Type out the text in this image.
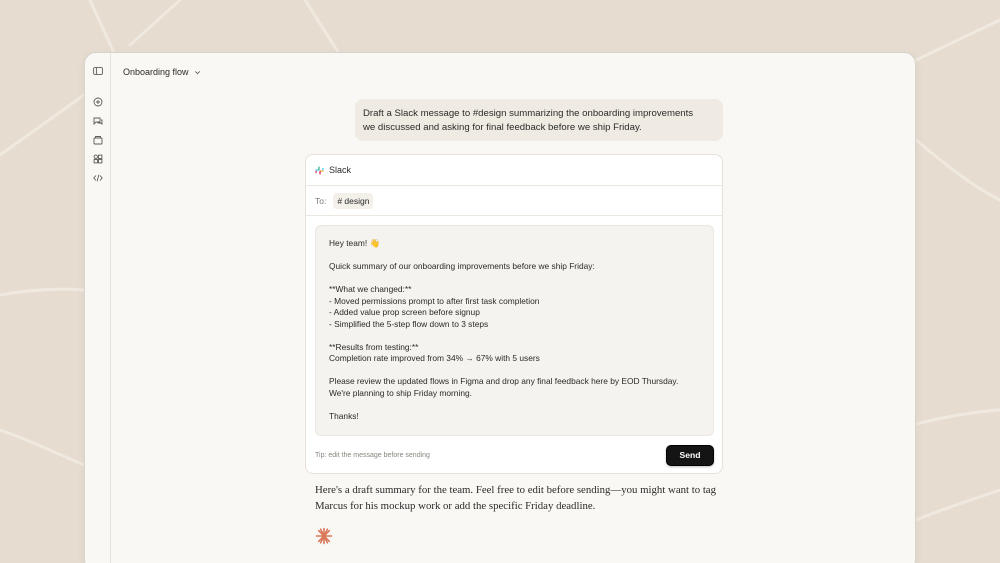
Onboarding flow
Draft a Slack message to #design summarizing the onboarding improvements
we discussed and asking for final feedback before we ship Friday.
Slack
To:	# design
Hey team! 👋
Quick summary of our onboarding improvements before we ship Friday:
**What we changed:**
- Moved permissions prompt to after first task completion
- Added value prop screen before signup
- Simplified the 5-step flow down to 3 steps
**Results from testing:**
Completion rate improved from 34% → 67% with 5 users
Please review the updated flows in Figma and drop any final feedback here by EOD Thursday.
We're planning to ship Friday morning.
Thanks!
Tip: edit the message before sending	Send
Here's a draft summary for the team. Feel free to edit before sending—you might want to tag
Marcus for his mockup work or add the specific Friday deadline.
